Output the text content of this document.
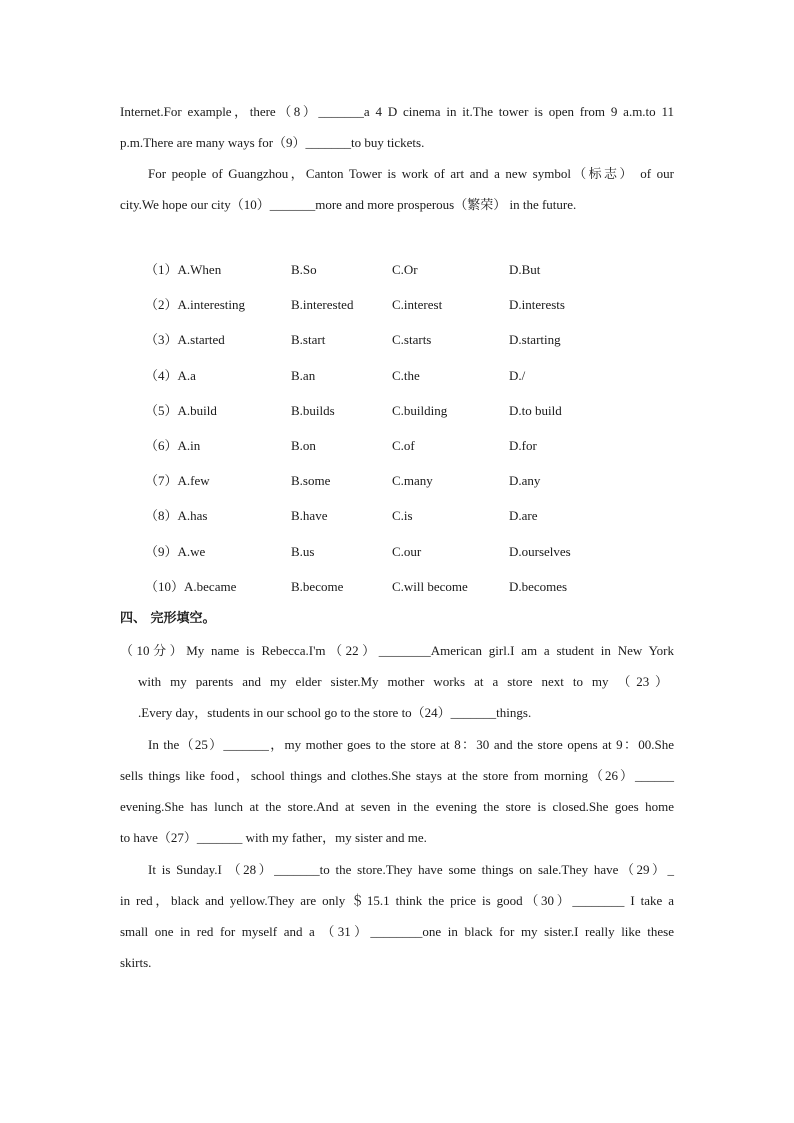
Internet.For example，there（8）_______a 4 D cinema in it.The tower is open from 9 a.m.to 11
p.m.There are many ways for（9）_______to buy tickets.
For people of Guangzhou，Canton Tower is work of art and a new symbol（标志） of our
city.We hope our city（10）_______more and more prosperous（繁荣） in the future.
（1）A.When	B.So	C.Or	D.But
（2）A.interesting	B.interested	C.interest	D.interests
（3）A.started	B.start	C.starts	D.starting
（4）A.a	B.an	C.the	D./
（5）A.build	B.builds	C.building	D.to build
（6）A.in	B.on	C.of	D.for
（7）A.few	B.some	C.many	D.any
（8）A.has	B.have	C.is	D.are
（9）A.we	B.us	C.our	D.ourselves
（10）A.became	B.become	C.will become	D.becomes
四、 完形填空。
（10分）My name is Rebecca.I'm（22）________American girl.I am a student in New York
with my parents and my elder sister.My mother works at a store next to my （23）
.Every day，students in our school go to the store to（24）_______things.
In the（25）_______，my mother goes to the store at 8：30 and the store opens at 9：00.She
sells things like food，school things and clothes.She stays at the store from morning（26）______
evening.She has lunch at the store.And at seven in the evening the store is closed.She goes home
to have（27）_______ with my father，my sister and me.
It is Sunday.I （28）_______to the store.They have some things on sale.They have（29）_
in red，black and yellow.They are only ＄15.1 think the price is good（30）________ I take a
small one in red for myself and a （31）________one in black for my sister.I really like these
skirts.
